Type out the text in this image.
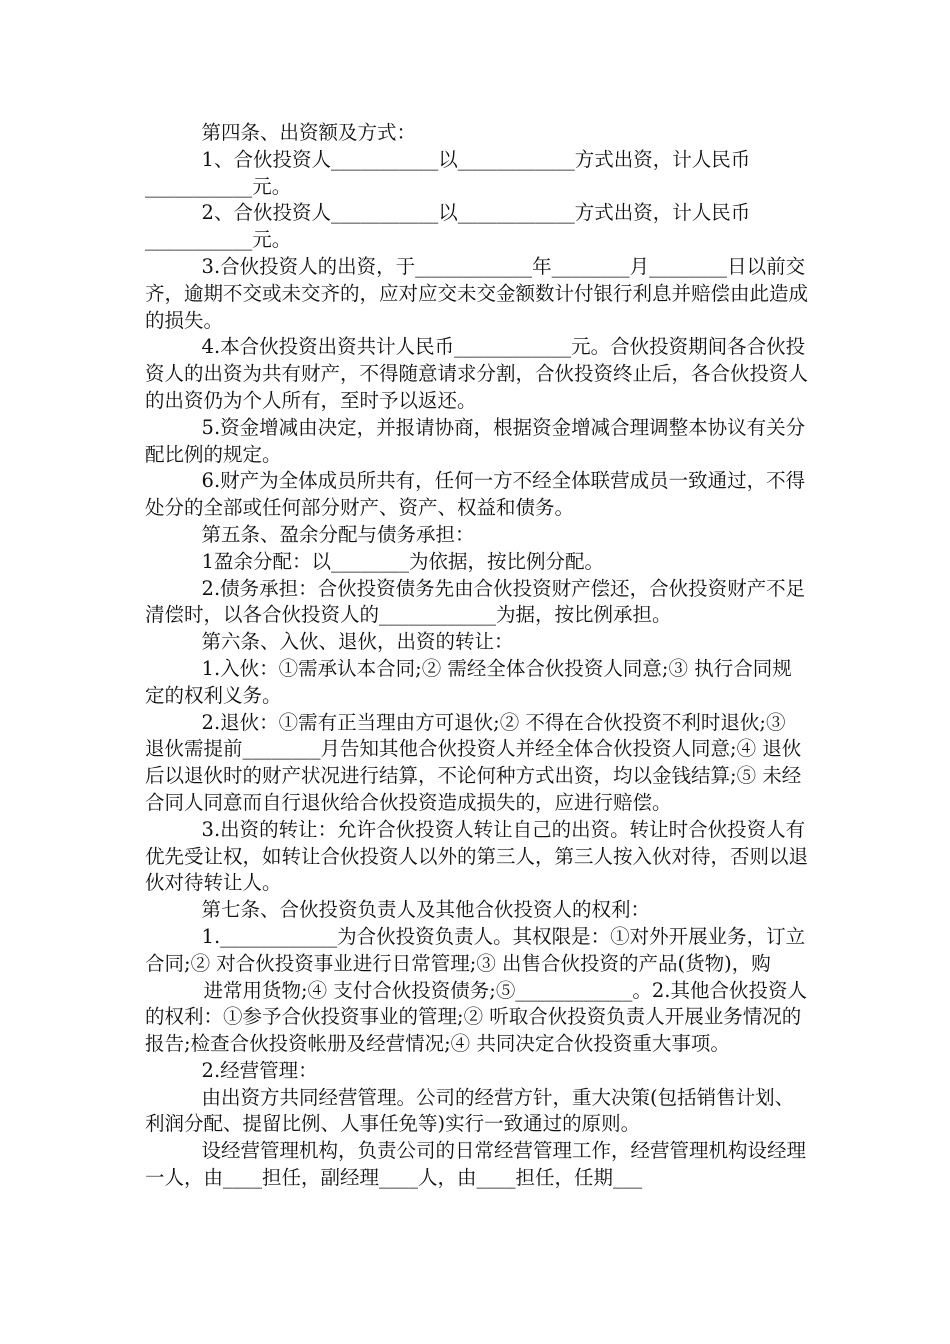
第四条、出资额及方式：

1、合伙投资人___________以____________方式出资，计人民币___________元。

2、合伙投资人___________以____________方式出资，计人民币___________元。

3.合伙投资人的出资，于____________年________月________日以前交齐，逾期不交或未交齐的，应对应交未交金额数计付银行利息并赔偿由此造成的损失。

4.本合伙投资出资共计人民币____________元。合伙投资期间各合伙投资人的出资为共有财产，不得随意请求分割，合伙投资终止后，各合伙投资人的出资仍为个人所有，至时予以返还。

5.资金增减由决定，并报请协商，根据资金增减合理调整本协议有关分配比例的规定。

6.财产为全体成员所共有，任何一方不经全体联营成员一致通过，不得处分的全部或任何部分财产、资产、权益和债务。

第五条、盈余分配与债务承担：

1盈余分配：以________为依据，按比例分配。

2.债务承担：合伙投资债务先由合伙投资财产偿还，合伙投资财产不足清偿时，以各合伙投资人的____________为据，按比例承担。

第六条、入伙、退伙，出资的转让：

1.入伙：①需承认本合同;② 需经全体合伙投资人同意;③ 执行合同规定的权利义务。

2.退伙：①需有正当理由方可退伙;② 不得在合伙投资不利时退伙;③ 退伙需提前________月告知其他合伙投资人并经全体合伙投资人同意;④ 退伙后以退伙时的财产状况进行结算，不论何种方式出资，均以金钱结算;⑤ 未经合同人同意而自行退伙给合伙投资造成损失的，应进行赔偿。

3.出资的转让：允许合伙投资人转让自己的出资。转让时合伙投资人有优先受让权，如转让合伙投资人以外的第三人，第三人按入伙对待，否则以退伙对待转让人。

第七条、合伙投资负责人及其他合伙投资人的权利：

1.____________为合伙投资负责人。其权限是：①对外开展业务，订立合同;② 对合伙投资事业进行日常管理;③ 出售合伙投资的产品(货物)，购

进常用货物;④ 支付合伙投资债务;⑤____________。2.其他合伙投资人的权利：①参予合伙投资事业的管理;② 听取合伙投资负责人开展业务情况的报告;检查合伙投资帐册及经营情况;④ 共同决定合伙投资重大事项。

2.经营管理：

由出资方共同经营管理。公司的经营方针，重大决策(包括销售计划、利润分配、提留比例、人事任免等)实行一致通过的原则。

设经营管理机构，负责公司的日常经营管理工作，经营管理机构设经理一人，由____担任，副经理____人，由____担任，任期___
